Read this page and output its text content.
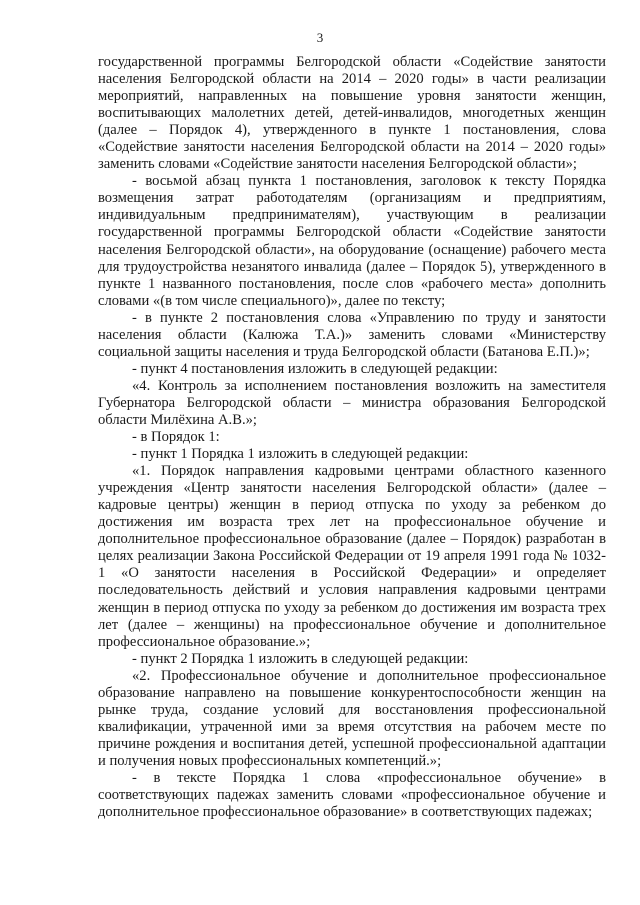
3

государственной программы Белгородской области «Содействие занятости населения Белгородской области на 2014 – 2020 годы» в части реализации мероприятий, направленных на повышение уровня занятости женщин, воспитывающих малолетних детей, детей-инвалидов, многодетных женщин (далее – Порядок 4), утвержденного в пункте 1 постановления, слова «Содействие занятости населения Белгородской области на 2014 – 2020 годы» заменить словами «Содействие занятости населения Белгородской области»;

- восьмой абзац пункта 1 постановления, заголовок к тексту Порядка возмещения затрат работодателям (организациям и предприятиям, индивидуальным предпринимателям), участвующим в реализации государственной программы Белгородской области «Содействие занятости населения Белгородской области», на оборудование (оснащение) рабочего места для трудоустройства незанятого инвалида (далее – Порядок 5), утвержденного в пункте 1 названного постановления, после слов «рабочего места» дополнить словами «(в том числе специального)», далее по тексту;

- в пункте 2 постановления слова «Управлению по труду и занятости населения области (Калюжа Т.А.)» заменить словами «Министерству социальной защиты населения и труда Белгородской области (Батанова Е.П.)»;

- пункт 4 постановления изложить в следующей редакции:

«4. Контроль за исполнением постановления возложить на заместителя Губернатора Белгородской области – министра образования Белгородской области Милёхина А.В.»;

- в Порядок 1:

- пункт 1 Порядка 1 изложить в следующей редакции:

«1. Порядок направления кадровыми центрами областного казенного учреждения «Центр занятости населения Белгородской области» (далее – кадровые центры) женщин в период отпуска по уходу за ребенком до достижения им возраста трех лет на профессиональное обучение и дополнительное профессиональное образование (далее – Порядок) разработан в целях реализации Закона Российской Федерации от 19 апреля 1991 года № 1032-1 «О занятости населения в Российской Федерации» и определяет последовательность действий и условия направления кадровыми центрами женщин в период отпуска по уходу за ребенком до достижения им возраста трех лет (далее – женщины) на профессиональное обучение и дополнительное профессиональное образование.»;

- пункт 2 Порядка 1 изложить в следующей редакции:

«2. Профессиональное обучение и дополнительное профессиональное образование направлено на повышение конкурентоспособности женщин на рынке труда, создание условий для восстановления профессиональной квалификации, утраченной ими за время отсутствия на рабочем месте по причине рождения и воспитания детей, успешной профессиональной адаптации и получения новых профессиональных компетенций.»;

- в тексте Порядка 1 слова «профессиональное обучение» в соответствующих падежах заменить словами «профессиональное обучение и дополнительное профессиональное образование» в соответствующих падежах;
